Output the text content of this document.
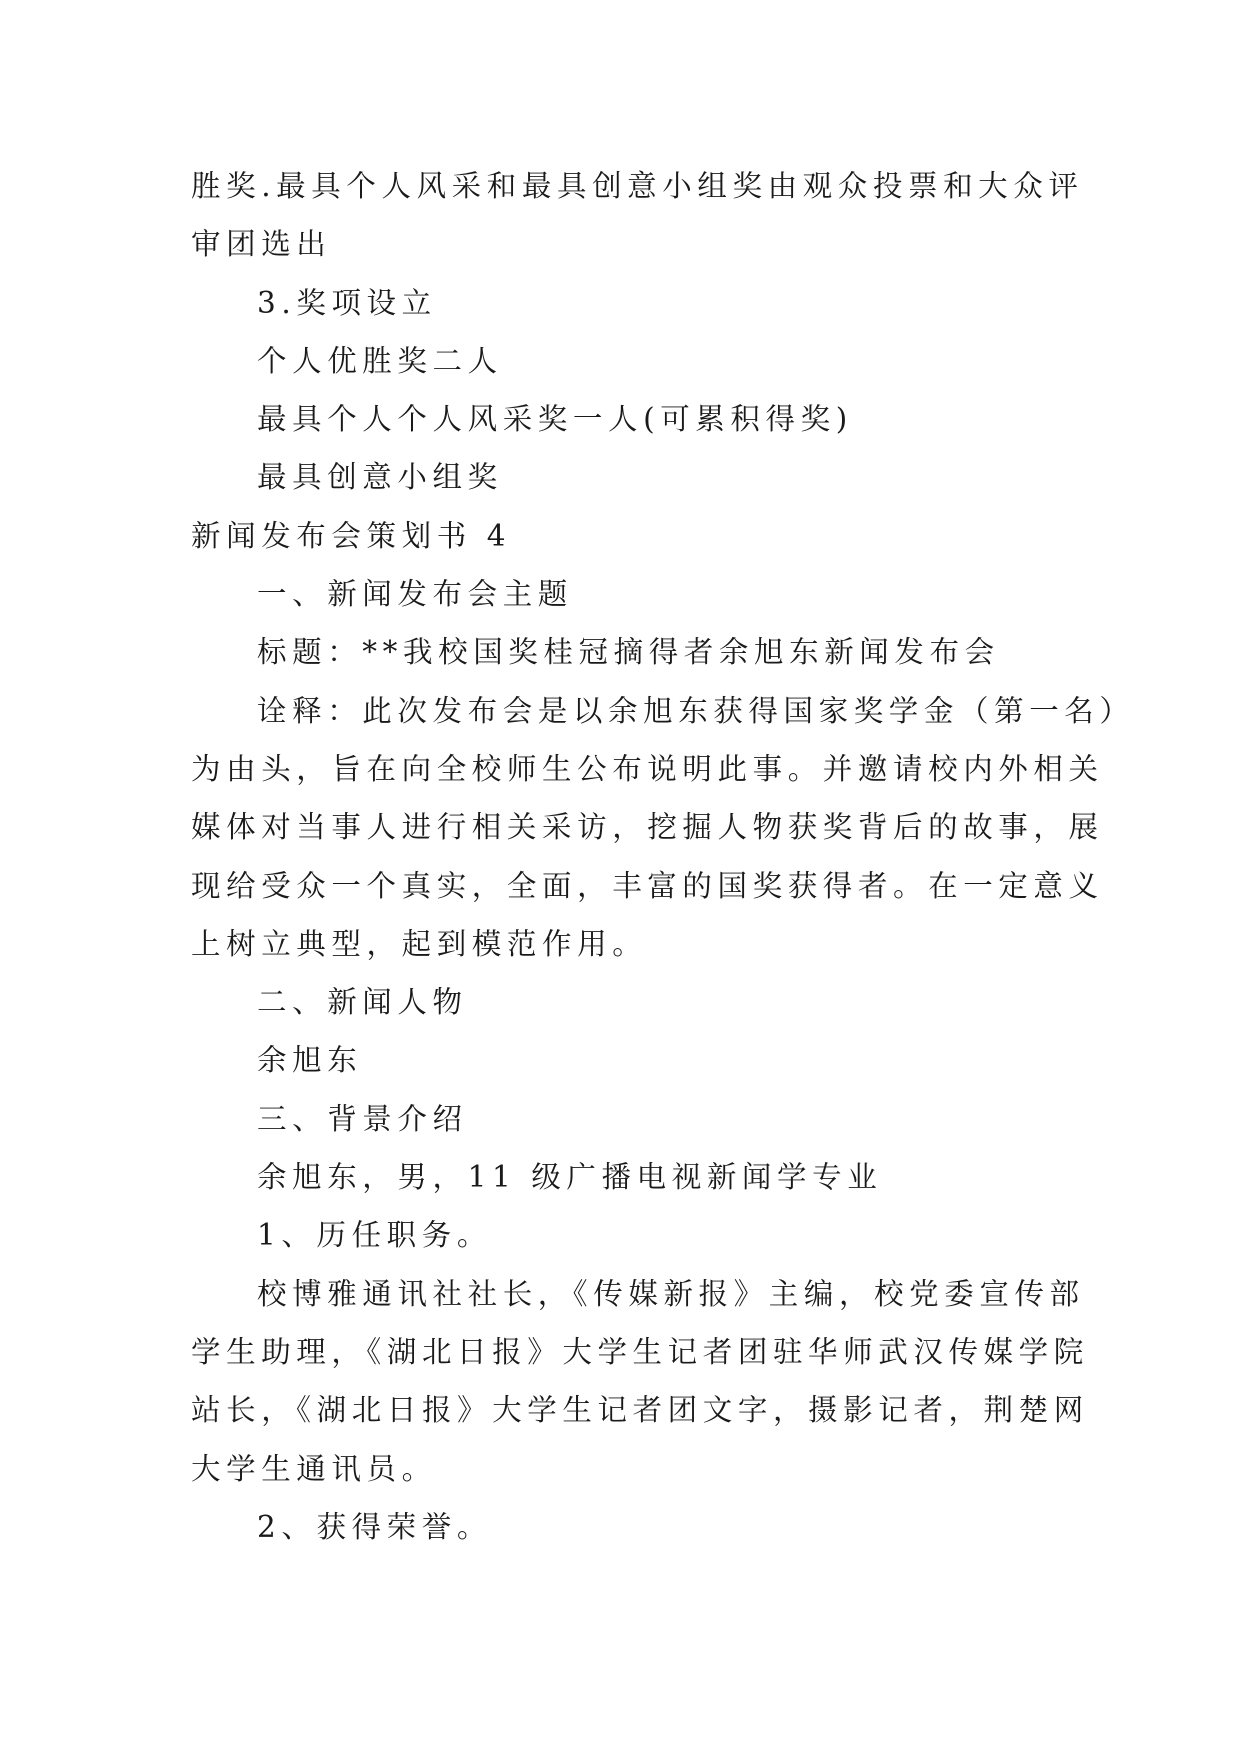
胜奖.最具个人风采和最具创意小组奖由观众投票和大众评
审团选出
3.奖项设立
个人优胜奖二人
最具个人个人风采奖一人(可累积得奖)
最具创意小组奖
新闻发布会策划书 4
一、新闻发布会主题
标题：**我校国奖桂冠摘得者余旭东新闻发布会
诠释：此次发布会是以余旭东获得国家奖学金（第一名）
为由头，旨在向全校师生公布说明此事。并邀请校内外相关
媒体对当事人进行相关采访，挖掘人物获奖背后的故事，展
现给受众一个真实，全面，丰富的国奖获得者。在一定意义
上树立典型，起到模范作用。
二、新闻人物
余旭东
三、背景介绍
余旭东，男，11 级广播电视新闻学专业
1、历任职务。
校博雅通讯社社长，《传媒新报》主编，校党委宣传部
学生助理，《湖北日报》大学生记者团驻华师武汉传媒学院
站长，《湖北日报》大学生记者团文字，摄影记者，荆楚网
大学生通讯员。
2、获得荣誉。
